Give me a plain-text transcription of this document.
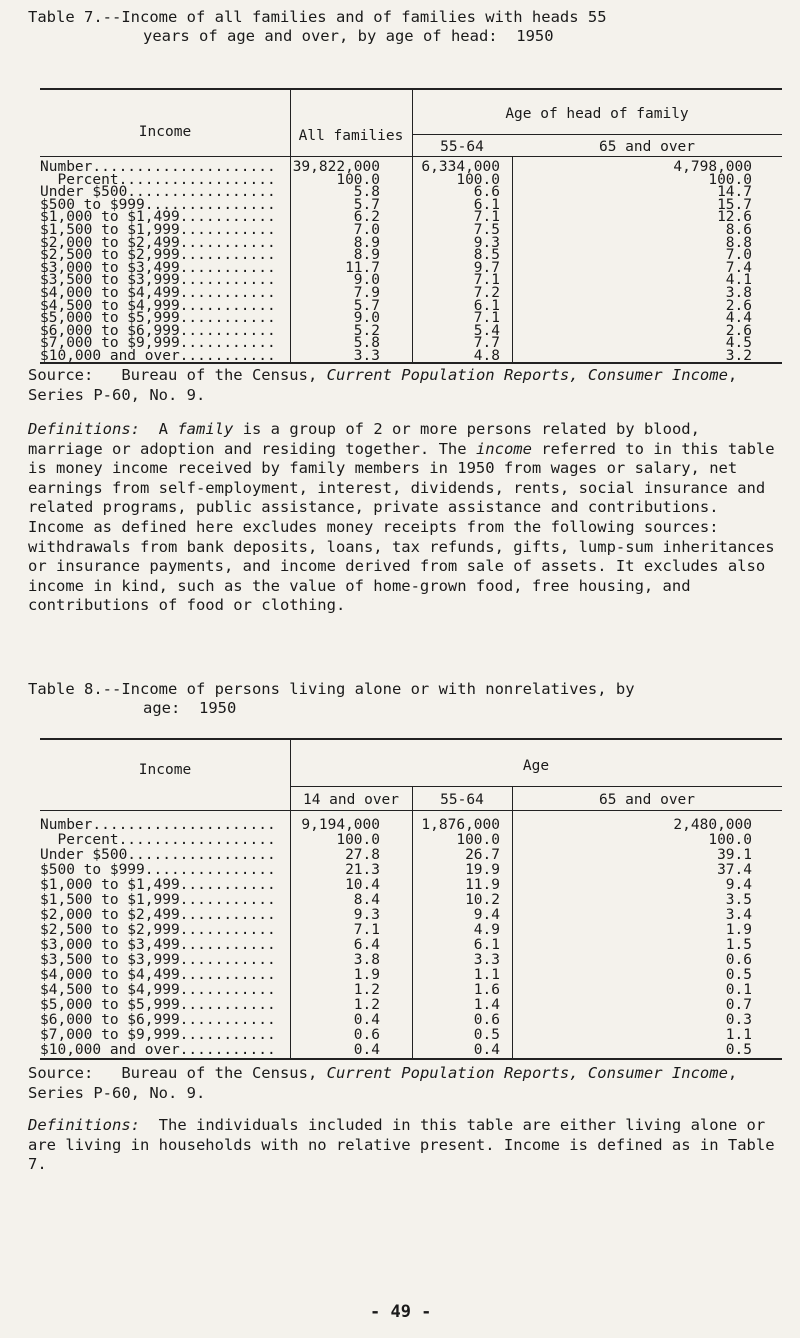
Table 7.--Income of all families and of families with heads 55
years of age and over, by age of head:  1950
Income	All families
Age of head of family
55-64	65 and over
Number.....................	39,822,000	6,334,000	4,798,000
Percent..................	100.0	100.0	100.0
Under $500.................	5.8	6.6	14.7
$500 to $999...............	5.7	6.1	15.7
$1,000 to $1,499...........	6.2	7.1	12.6
$1,500 to $1,999...........	7.0	7.5	8.6
$2,000 to $2,499...........	8.9	9.3	8.8
$2,500 to $2,999...........	8.9	8.5	7.0
$3,000 to $3,499...........	11.7	9.7	7.4
$3,500 to $3,999...........	9.0	7.1	4.1
$4,000 to $4,499...........	7.9	7.2	3.8
$4,500 to $4,999...........	5.7	6.1	2.6
$5,000 to $5,999...........	9.0	7.1	4.4
$6,000 to $6,999...........	5.2	5.4	2.6
$7,000 to $9,999...........	5.8	7.7	4.5
$10,000 and over...........	3.3	4.8	3.2
Source: Bureau of the Census, Current Population Reports, Consumer Income, Series P-60, No. 9.
Definitions: A family is a group of 2 or more persons related by blood, marriage or adoption and residing together. The income referred to in this table is money income received by family members in 1950 from wages or salary, net earnings from self-employment, interest, dividends, rents, social insurance and related programs, public assistance, private assistance and contributions. Income as defined here excludes money receipts from the following sources: withdrawals from bank deposits, loans, tax refunds, gifts, lump-sum inheritances or insurance payments, and income derived from sale of assets. It excludes also income in kind, such as the value of home-grown food, free housing, and contributions of food or clothing.
Table 8.--Income of persons living alone or with nonrelatives, by
age:  1950
Income	Age
14 and over	55-64	65 and over
Number.....................	9,194,000	1,876,000	2,480,000
Percent..................	100.0	100.0	100.0
Under $500.................	27.8	26.7	39.1
$500 to $999...............	21.3	19.9	37.4
$1,000 to $1,499...........	10.4	11.9	9.4
$1,500 to $1,999...........	8.4	10.2	3.5
$2,000 to $2,499...........	9.3	9.4	3.4
$2,500 to $2,999...........	7.1	4.9	1.9
$3,000 to $3,499...........	6.4	6.1	1.5
$3,500 to $3,999...........	3.8	3.3	0.6
$4,000 to $4,499...........	1.9	1.1	0.5
$4,500 to $4,999...........	1.2	1.6	0.1
$5,000 to $5,999...........	1.2	1.4	0.7
$6,000 to $6,999...........	0.4	0.6	0.3
$7,000 to $9,999...........	0.6	0.5	1.1
$10,000 and over...........	0.4	0.4	0.5
Source: Bureau of the Census, Current Population Reports, Consumer Income, Series P-60, No. 9.
Definitions: The individuals included in this table are either living alone or are living in households with no relative present. Income is defined as in Table 7.
- 49 -
